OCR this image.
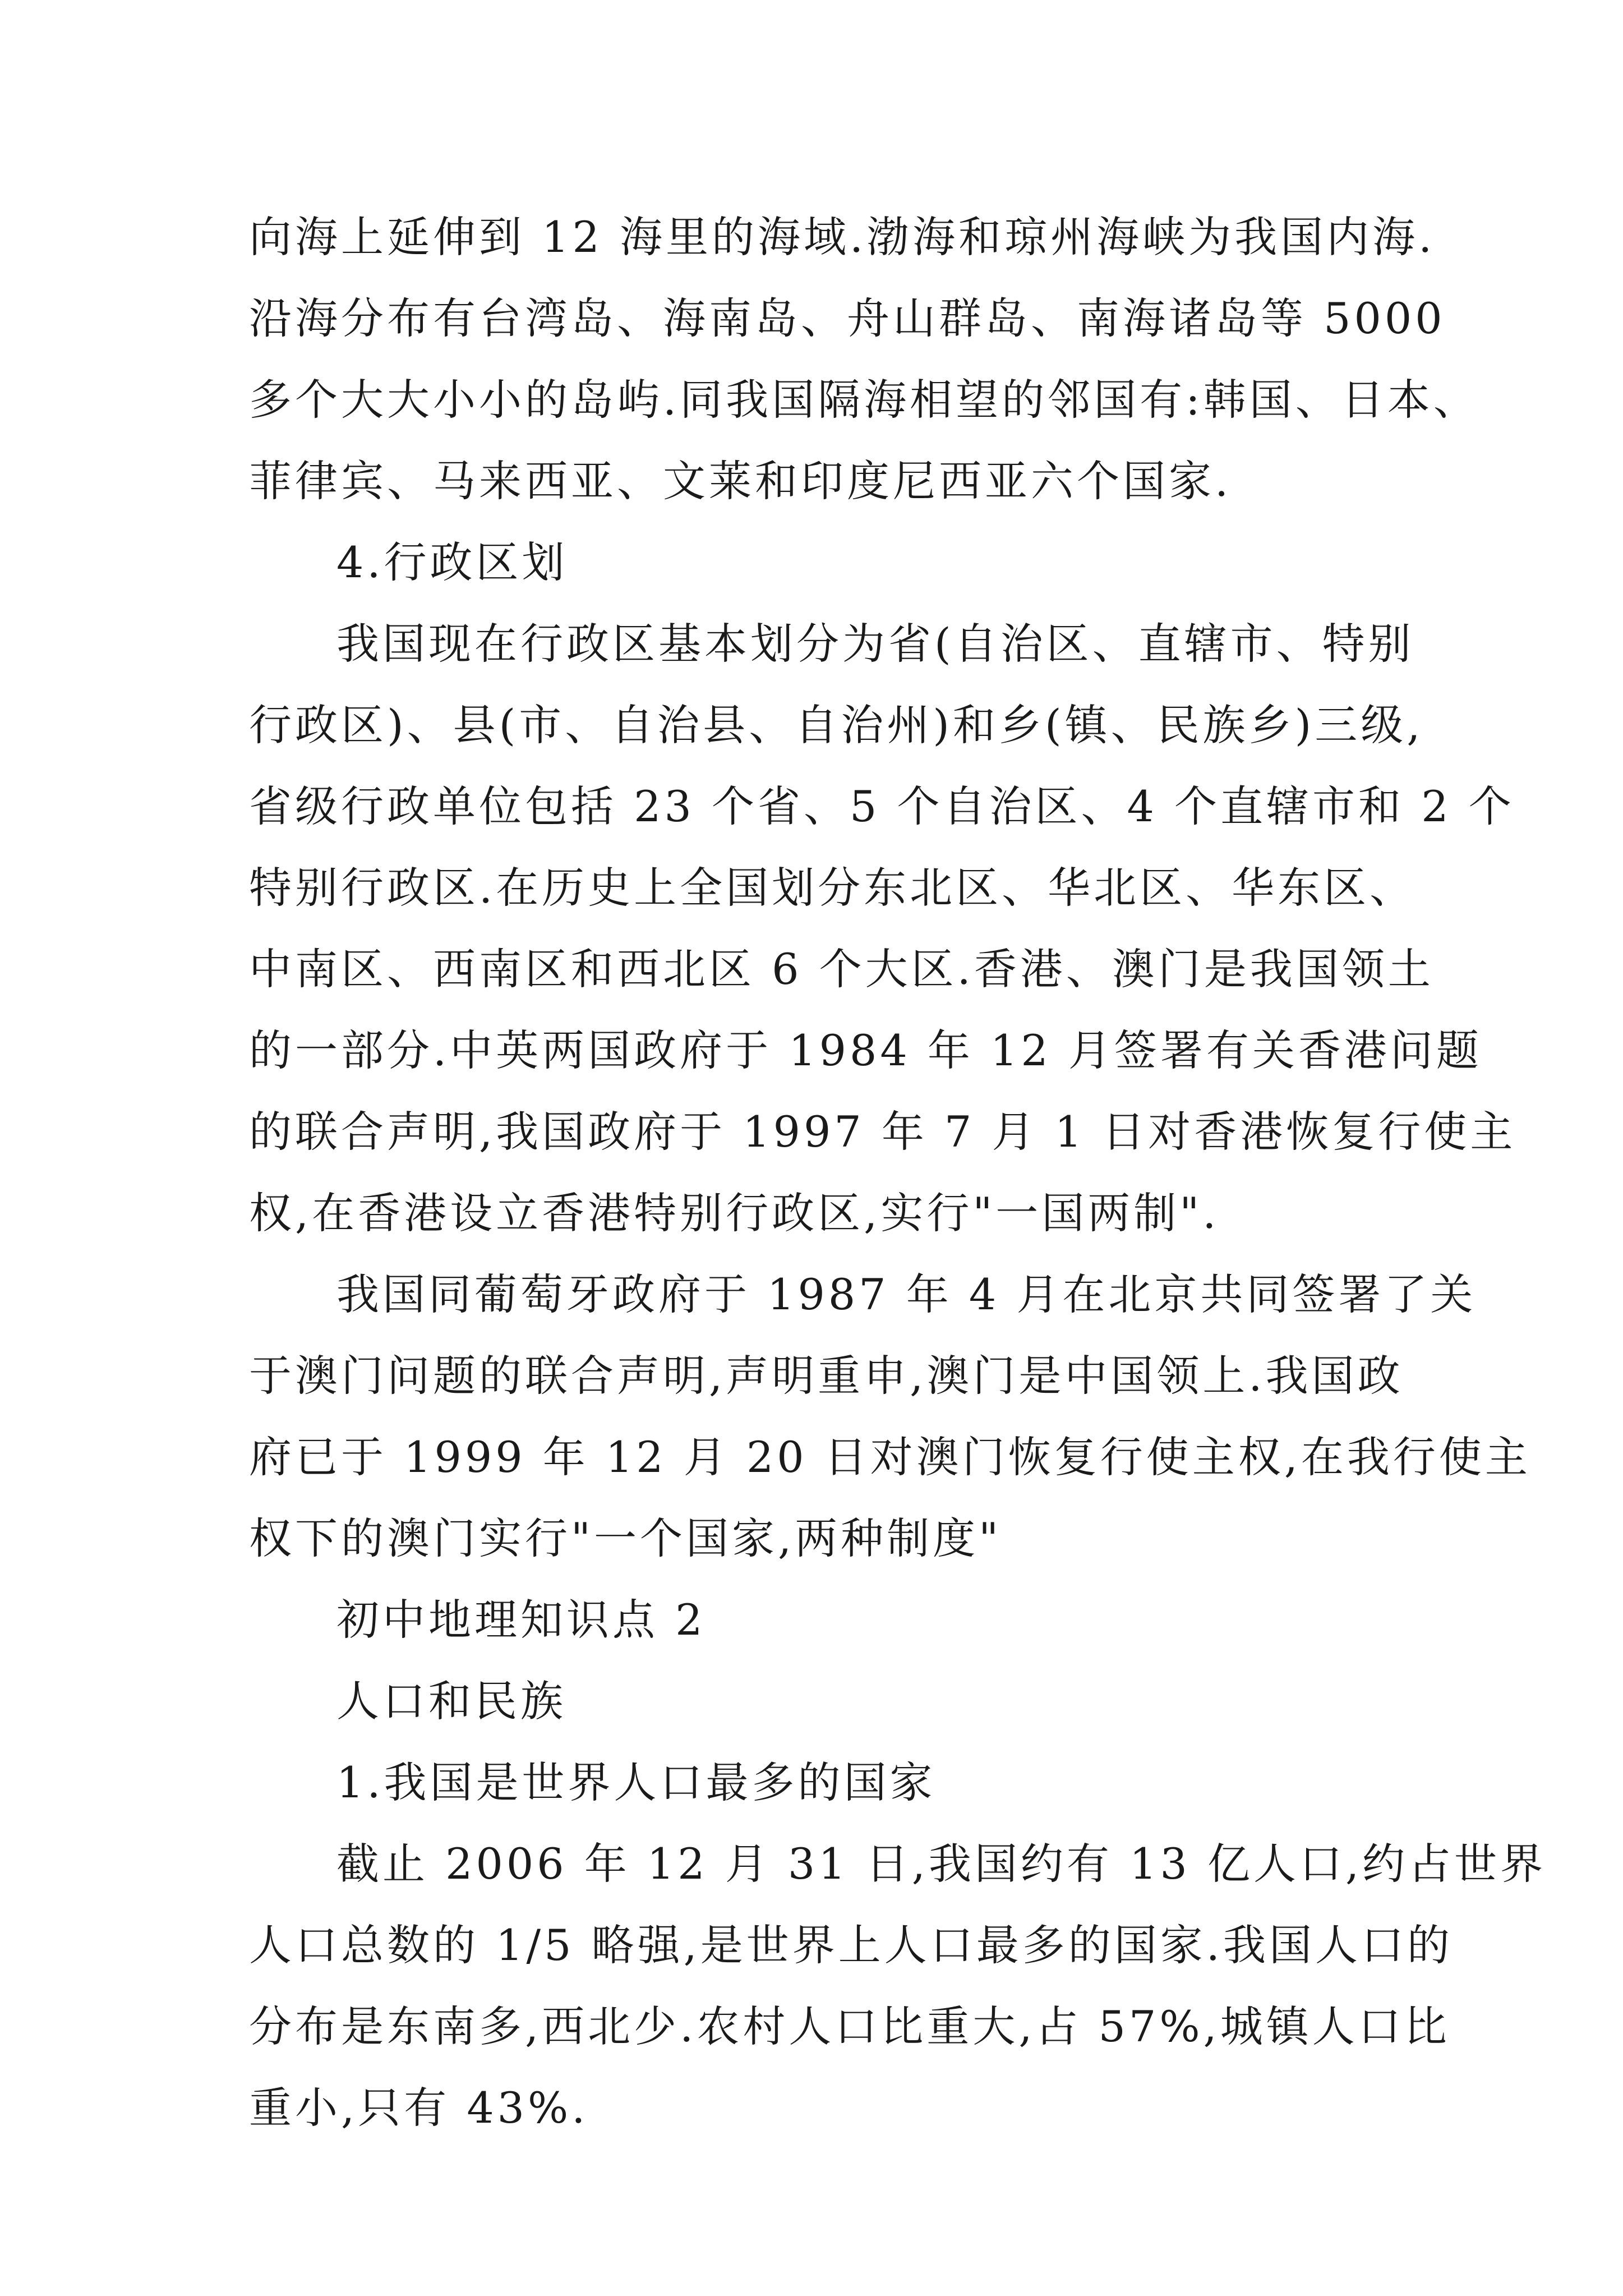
向海上延伸到 12 海里的海域.渤海和琼州海峡为我国内海.
沿海分布有台湾岛、海南岛、舟山群岛、南海诸岛等 5000
多个大大小小的岛屿.同我国隔海相望的邻国有:韩国、日本、
菲律宾、马来西亚、文莱和印度尼西亚六个国家.

4.行政区划

我国现在行政区基本划分为省(自治区、直辖市、特别
行政区)、县(市、自治县、自治州)和乡(镇、民族乡)三级,
省级行政单位包括 23 个省、5 个自治区、4 个直辖市和 2 个
特别行政区.在历史上全国划分东北区、华北区、华东区、
中南区、西南区和西北区 6 个大区.香港、澳门是我国领土
的一部分.中英两国政府于 1984 年 12 月签署有关香港问题
的联合声明,我国政府于 1997 年 7 月 1 日对香港恢复行使主
权,在香港设立香港特别行政区,实行"一国两制".

我国同葡萄牙政府于 1987 年 4 月在北京共同签署了关
于澳门问题的联合声明,声明重申,澳门是中国领上.我国政
府已于 1999 年 12 月 20 日对澳门恢复行使主权,在我行使主
权下的澳门实行"一个国家,两种制度"

初中地理知识点 2

人口和民族

1.我国是世界人口最多的国家

截止 2006 年 12 月 31 日,我国约有 13 亿人口,约占世界
人口总数的 1/5 略强,是世界上人口最多的国家.我国人口的
分布是东南多,西北少.农村人口比重大,占 57%,城镇人口比
重小,只有 43%.
